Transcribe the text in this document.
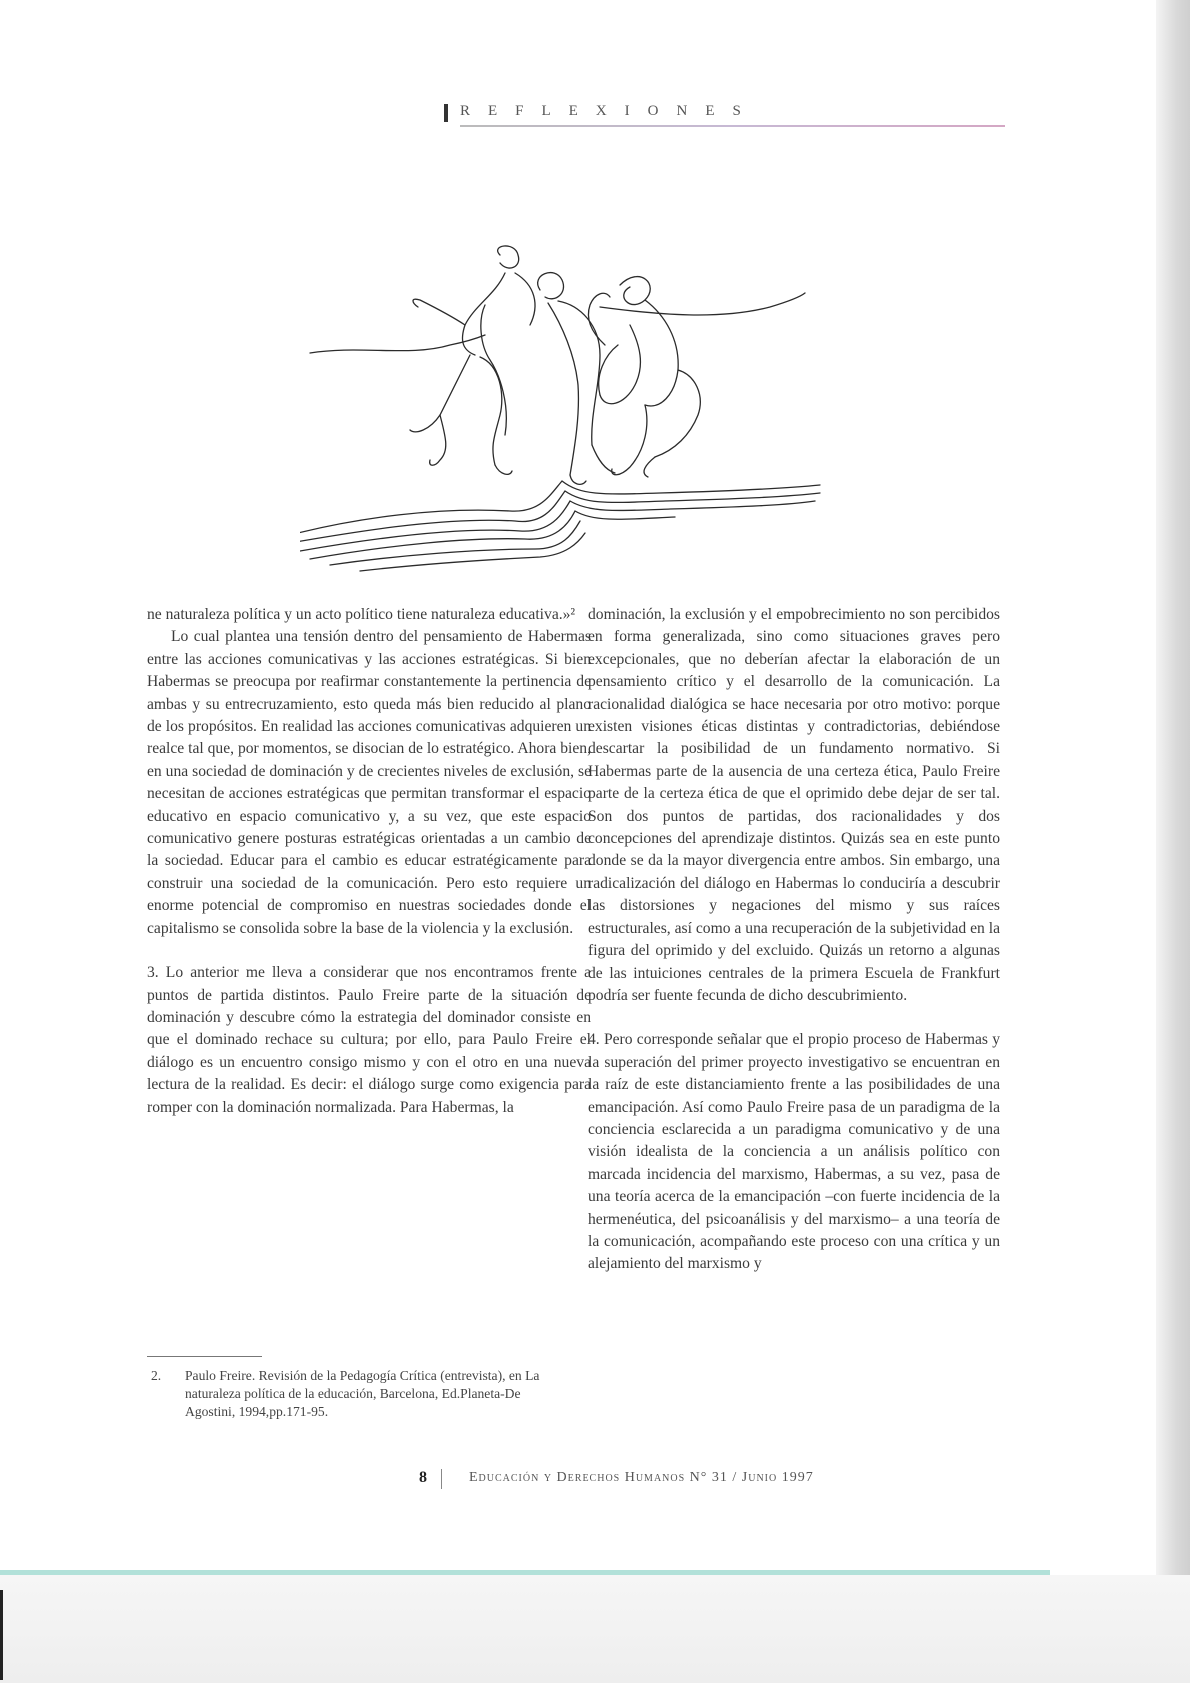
REFLEXIONES

ne naturaleza política y un acto político tiene naturaleza educativa.»²

Lo cual plantea una tensión dentro del pensamiento de Habermas entre las acciones comunicativas y las acciones estratégicas. Si bien Habermas se preocupa por reafirmar constantemente la pertinencia de ambas y su entrecruzamiento, esto queda más bien reducido al plano de los propósitos. En realidad las acciones comunicativas adquieren un realce tal que, por momentos, se disocian de lo estratégico. Ahora bien, en una sociedad de dominación y de crecientes niveles de exclusión, se necesitan de acciones estratégicas que permitan transformar el espacio educativo en espacio comunicativo y, a su vez, que este espacio comunicativo genere posturas estratégicas orientadas a un cambio de la sociedad. Educar para el cambio es educar estratégicamente para construir una sociedad de la comunicación. Pero esto requiere un enorme potencial de compromiso en nuestras sociedades donde el capitalismo se consolida sobre la base de la violencia y la exclusión.

3. Lo anterior me lleva a considerar que nos encontramos frente a puntos de partida distintos. Paulo Freire parte de la situación de dominación y descubre cómo la estrategia del dominador consiste en que el dominado rechace su cultura; por ello, para Paulo Freire el diálogo es un encuentro consigo mismo y con el otro en una nueva lectura de la realidad. Es decir: el diálogo surge como exigencia para romper con la dominación normalizada. Para Habermas, la

dominación, la exclusión y el empobrecimiento no son percibidos en forma generalizada, sino como situaciones graves pero excepcionales, que no deberían afectar la elaboración de un pensamiento crítico y el desarrollo de la comunicación. La racionalidad dialógica se hace necesaria por otro motivo: porque existen visiones éticas distintas y contradictorias, debiéndose descartar la posibilidad de un fundamento normativo. Si Habermas parte de la ausencia de una certeza ética, Paulo Freire parte de la certeza ética de que el oprimido debe dejar de ser tal. Son dos puntos de partidas, dos racionalidades y dos concepciones del aprendizaje distintos. Quizás sea en este punto donde se da la mayor divergencia entre ambos. Sin embargo, una radicalización del diálogo en Habermas lo conduciría a descubrir las distorsiones y negaciones del mismo y sus raíces estructurales, así como a una recuperación de la subjetividad en la figura del oprimido y del excluido. Quizás un retorno a algunas de las intuiciones centrales de la primera Escuela de Frankfurt podría ser fuente fecunda de dicho descubrimiento.

4. Pero corresponde señalar que el propio proceso de Habermas y la superación del primer proyecto investigativo se encuentran en la raíz de este distanciamiento frente a las posibilidades de una emancipación. Así como Paulo Freire pasa de un paradigma de la conciencia esclarecida a un paradigma comunicativo y de una visión idealista de la conciencia a un análisis político con marcada incidencia del marxismo, Habermas, a su vez, pasa de una teoría acerca de la emancipación –con fuerte incidencia de la hermenéutica, del psicoanálisis y del marxismo– a una teoría de la comunicación, acompañando este proceso con una crítica y un alejamiento del marxismo y

2. Paulo Freire. Revisión de la Pedagogía Crítica (entrevista), en La naturaleza política de la educación, Barcelona, Ed.Planeta-De Agostini, 1994,pp.171-95.
8	Educación y Derechos Humanos N° 31 / Junio 1997
